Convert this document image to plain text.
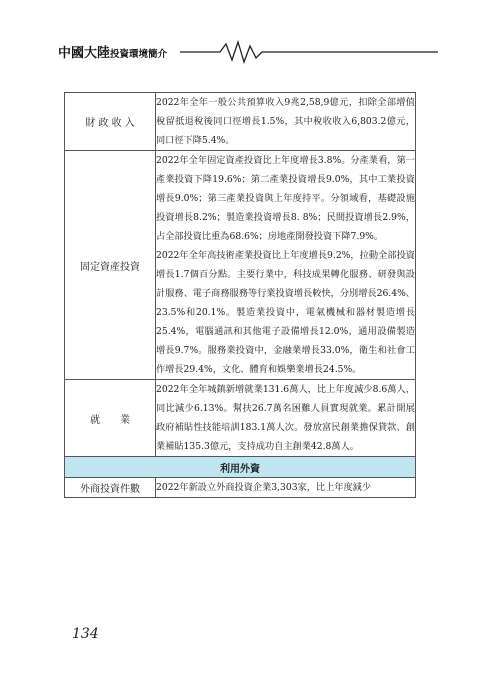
中國大陸投資環境簡介
財 政 收 入	2022年全年一般公共預算收入9兆2,58,9億元，扣除全部增值稅留抵退稅後同口徑增長1.5%，其中稅收收入6,803.2億元，同口徑下降5.4%。

固定資產投資	2022年全年固定資產投資比上年度增長3.8%。分產業看，第一產業投資下降19.6%；第二產業投資增長9.0%，其中工業投資增長9.0%；第三產業投資與上年度持平。分領域看，基礎設施投資增長8.2%；製造業投資增長8. 8%；民間投資增長2.9%，占全部投資比重為68.6%；房地產開發投資下降7.9%。

2022年全年高技術產業投資比上年度增長9.2%，拉動全部投資增長1.7個百分點。主要行業中，科技成果轉化服務、研發與設計服務、電子商務服務等行業投資增長較快，分別增長26.4%、23.5%和20.1%。製造業投資中，電氣機械和器材製造增長25.4%，電腦通訊和其他電子設備增長12.0%，通用設備製造增長9.7%。服務業投資中，金融業增長33.0%，衛生和社會工作增長29.4%，文化、體育和娛樂業增長24.5%。

就　　業	2022年全年城鎮新增就業131.6萬人，比上年度減少8.6萬人，同比減少6.13%。幫扶26.7萬名困難人員實現就業。累計開展政府補貼性技能培訓183.1萬人次。發放富民創業擔保貸款、創業補貼135.3億元，支持成功自主創業42.8萬人。

利用外資	
外商投資件數	2022年新設立外商投資企業3,303家，比上年度減少
134
